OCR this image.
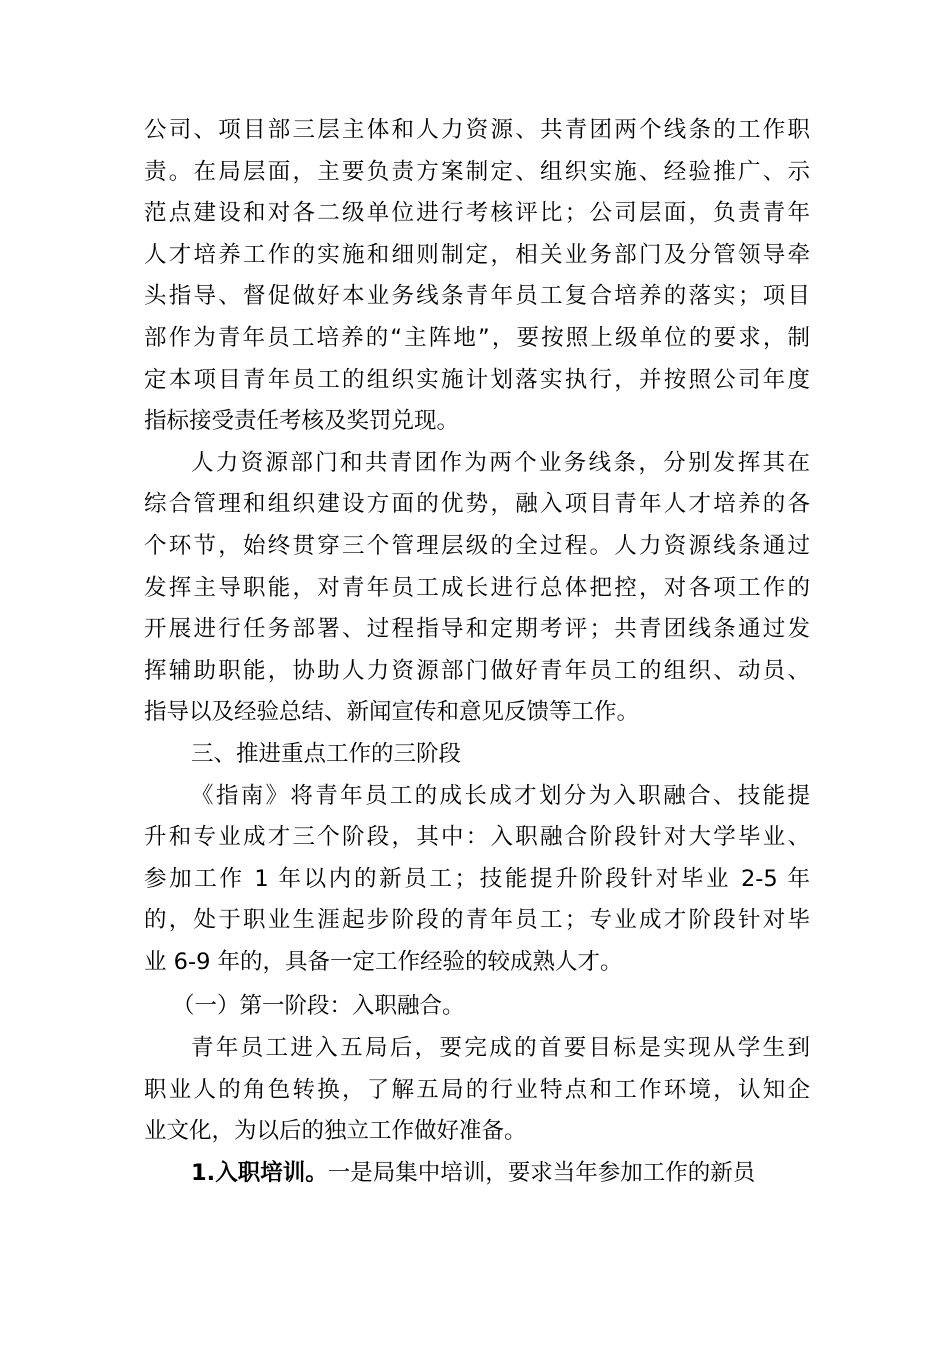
公司、项目部三层主体和人力资源、共青团两个线条的工作职
责。在局层面，主要负责方案制定、组织实施、经验推广、示
范点建设和对各二级单位进行考核评比；公司层面，负责青年
人才培养工作的实施和细则制定，相关业务部门及分管领导牵
头指导、督促做好本业务线条青年员工复合培养的落实；项目
部作为青年员工培养的“主阵地”，要按照上级单位的要求，制
定本项目青年员工的组织实施计划落实执行，并按照公司年度
指标接受责任考核及奖罚兑现。
人力资源部门和共青团作为两个业务线条，分别发挥其在
综合管理和组织建设方面的优势，融入项目青年人才培养的各
个环节，始终贯穿三个管理层级的全过程。人力资源线条通过
发挥主导职能，对青年员工成长进行总体把控，对各项工作的
开展进行任务部署、过程指导和定期考评；共青团线条通过发
挥辅助职能，协助人力资源部门做好青年员工的组织、动员、
指导以及经验总结、新闻宣传和意见反馈等工作。
三、推进重点工作的三阶段
《指南》将青年员工的成长成才划分为入职融合、技能提
升和专业成才三个阶段，其中：入职融合阶段针对大学毕业、
参加工作 1 年以内的新员工；技能提升阶段针对毕业 2-5 年
的，处于职业生涯起步阶段的青年员工；专业成才阶段针对毕
业 6-9 年的，具备一定工作经验的较成熟人才。
（一）第一阶段：入职融合。
青年员工进入五局后，要完成的首要目标是实现从学生到
职业人的角色转换，了解五局的行业特点和工作环境，认知企
业文化，为以后的独立工作做好准备。
1.入职培训。一是局集中培训，要求当年参加工作的新员
